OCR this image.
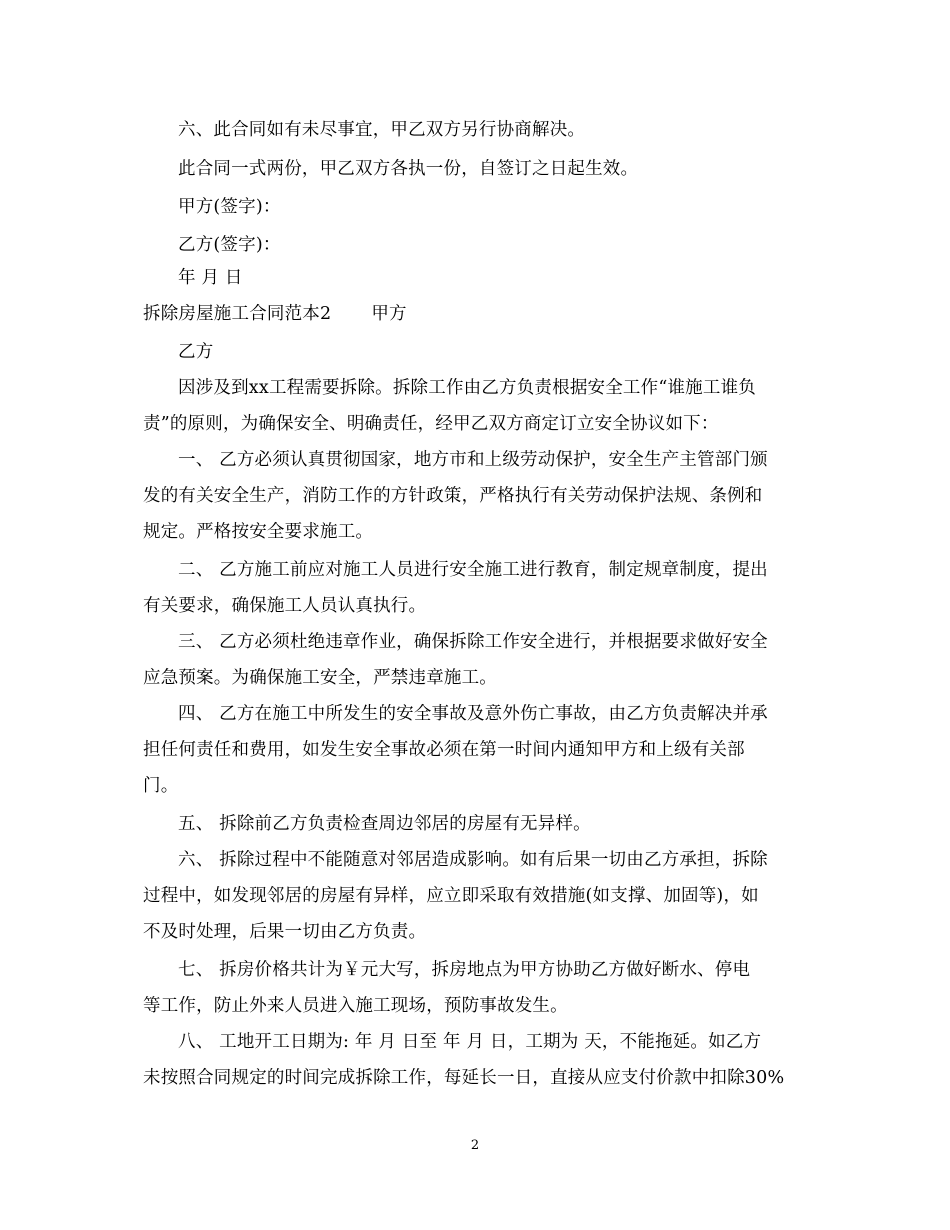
六、此合同如有未尽事宜，甲乙双方另行协商解决。
此合同一式两份，甲乙双方各执一份，自签订之日起生效。
甲方(签字)：
乙方(签字)：
年 月 日
拆除房屋施工合同范本2 甲方
乙方
因涉及到xx工程需要拆除。拆除工作由乙方负责根据安全工作“谁施工谁负
责”的原则，为确保安全、明确责任，经甲乙双方商定订立安全协议如下：
一、 乙方必须认真贯彻国家，地方市和上级劳动保护，安全生产主管部门颁
发的有关安全生产，消防工作的方针政策，严格执行有关劳动保护法规、条例和
规定。严格按安全要求施工。
二、 乙方施工前应对施工人员进行安全施工进行教育，制定规章制度，提出
有关要求，确保施工人员认真执行。
三、 乙方必须杜绝违章作业，确保拆除工作安全进行，并根据要求做好安全
应急预案。为确保施工安全，严禁违章施工。
四、 乙方在施工中所发生的安全事故及意外伤亡事故，由乙方负责解决并承
担任何责任和费用，如发生安全事故必须在第一时间内通知甲方和上级有关部
门。
五、 拆除前乙方负责检查周边邻居的房屋有无异样。
六、 拆除过程中不能随意对邻居造成影响。如有后果一切由乙方承担，拆除
过程中，如发现邻居的房屋有异样，应立即采取有效措施(如支撑、加固等)，如
不及时处理，后果一切由乙方负责。
七、 拆房价格共计为￥元大写，拆房地点为甲方协助乙方做好断水、停电
等工作，防止外来人员进入施工现场，预防事故发生。
八、 工地开工日期为: 年 月 日至 年 月 日，工期为 天，不能拖延。如乙方
未按照合同规定的时间完成拆除工作，每延长一日，直接从应支付价款中扣除30%
2
